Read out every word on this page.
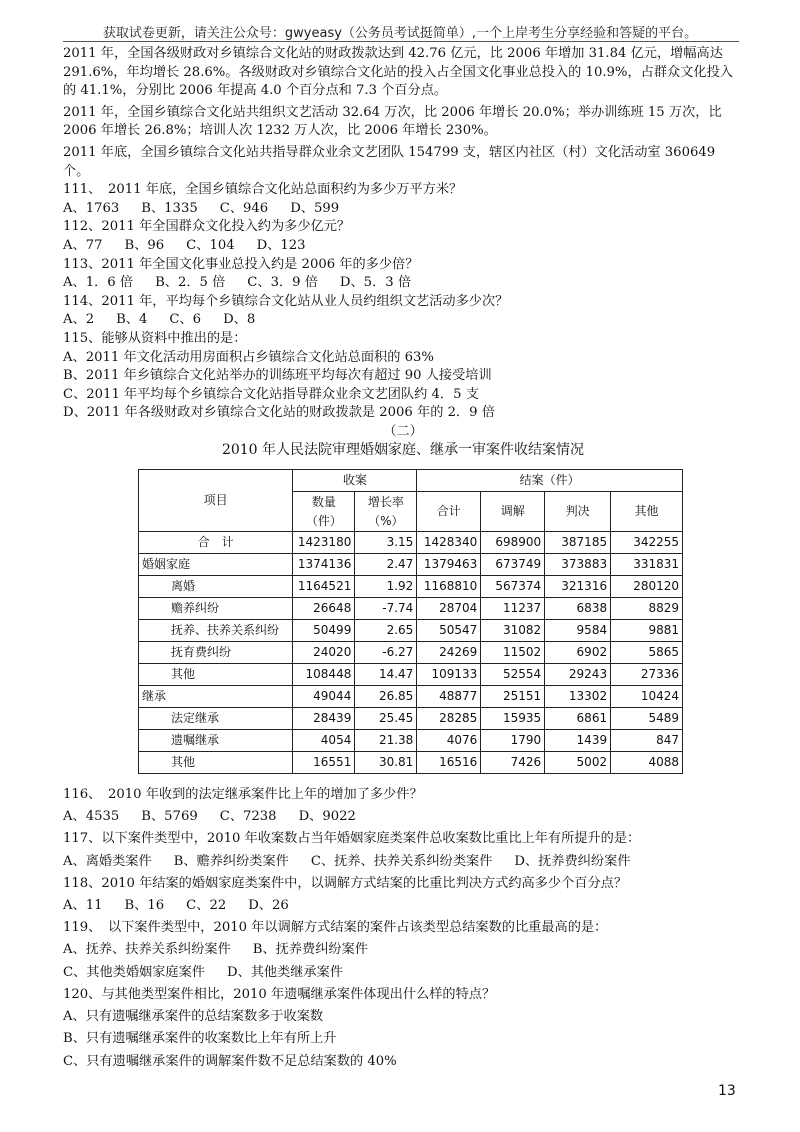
获取试卷更新，请关注公众号：gwyeasy（公务员考试挺简单）,一个上岸考生分享经验和答疑的平台。

2011 年，全国各级财政对乡镇综合文化站的财政拨款达到 42.76 亿元，比 2006 年增加 31.84 亿元，增幅高达 291.6%，年均增长 28.6%。各级财政对乡镇综合文化站的投入占全国文化事业总投入的 10.9%，占群众文化投入的 41.1%，分别比 2006 年提高 4.0 个百分点和 7.3 个百分点。

2011 年，全国乡镇综合文化站共组织文艺活动 32.64 万次，比 2006 年增长 20.0%；举办训练班 15 万次，比 2006 年增长 26.8%；培训人次 1232 万人次，比 2006 年增长 230%。

2011 年底，全国乡镇综合文化站共指导群众业余文艺团队 154799 支，辖区内社区（村）文化活动室 360649 个。

111、　2011 年底，全国乡镇综合文化站总面积约为多少万平方米？

A、1763 B、1335 C、946 D、599

112、2011 年全国群众文化投入约为多少亿元？

A、77 B、96 C、104 D、123

113、2011 年全国文化事业总投入约是 2006 年的多少倍？

A、1．6 倍 B、2．5 倍 C、3．9 倍 D、5．3 倍

114、2011 年，平均每个乡镇综合文化站从业人员约组织文艺活动多少次？

A、2 B、4 C、6 D、8

115、能够从资料中推出的是：

A、2011 年文化活动用房面积占乡镇综合文化站总面积的 63%

B、2011 年乡镇综合文化站举办的训练班平均每次有超过 90 人接受培训

C、2011 年平均每个乡镇综合文化站指导群众业余文艺团队约 4．5 支

D、2011 年各级财政对乡镇综合文化站的财政拨款是 2006 年的 2．9 倍

（二）

2010 年人民法院审理婚姻家庭、继承一审案件收结案情况

项目	收案		结案（件）			
	数量（件）	增长率（%）	合计	调解	判决	其他
合　计	1423180	3.15	1428340	698900	387185	342255
婚姻家庭	1374136	2.47	1379463	673749	373883	331831
离婚	1164521	1.92	1168810	567374	321316	280120
赡养纠纷	26648	-7.74	28704	11237	6838	8829
抚养、扶养关系纠纷	50499	2.65	50547	31082	9584	9881
抚育费纠纷	24020	-6.27	24269	11502	6902	5865
其他	108448	14.47	109133	52554	29243	27336
继承	49044	26.85	48877	25151	13302	10424
法定继承	28439	25.45	28285	15935	6861	5489
遗嘱继承	4054	21.38	4076	1790	1439	847
其他	16551	30.81	16516	7426	5002	4088

116、　2010 年收到的法定继承案件比上年的增加了多少件？

A、4535 B、5769 C、7238 D、9022

117、以下案件类型中，2010 年收案数占当年婚姻家庭类案件总收案数比重比上年有所提升的是：

A、离婚类案件 B、赡养纠纷类案件 C、抚养、扶养关系纠纷类案件 D、抚养费纠纷案件

118、2010 年结案的婚姻家庭类案件中，以调解方式结案的比重比判决方式约高多少个百分点？

A、11 B、16 C、22 D、26

119、　以下案件类型中，2010 年以调解方式结案的案件占该类型总结案数的比重最高的是：

A、抚养、扶养关系纠纷案件 B、抚养费纠纷案件

C、其他类婚姻家庭案件 D、其他类继承案件

120、与其他类型案件相比，2010 年遗嘱继承案件体现出什么样的特点？

A、只有遗嘱继承案件的总结案数多于收案数

B、只有遗嘱继承案件的收案数比上年有所上升

C、只有遗嘱继承案件的调解案件数不足总结案数的 40%

13
